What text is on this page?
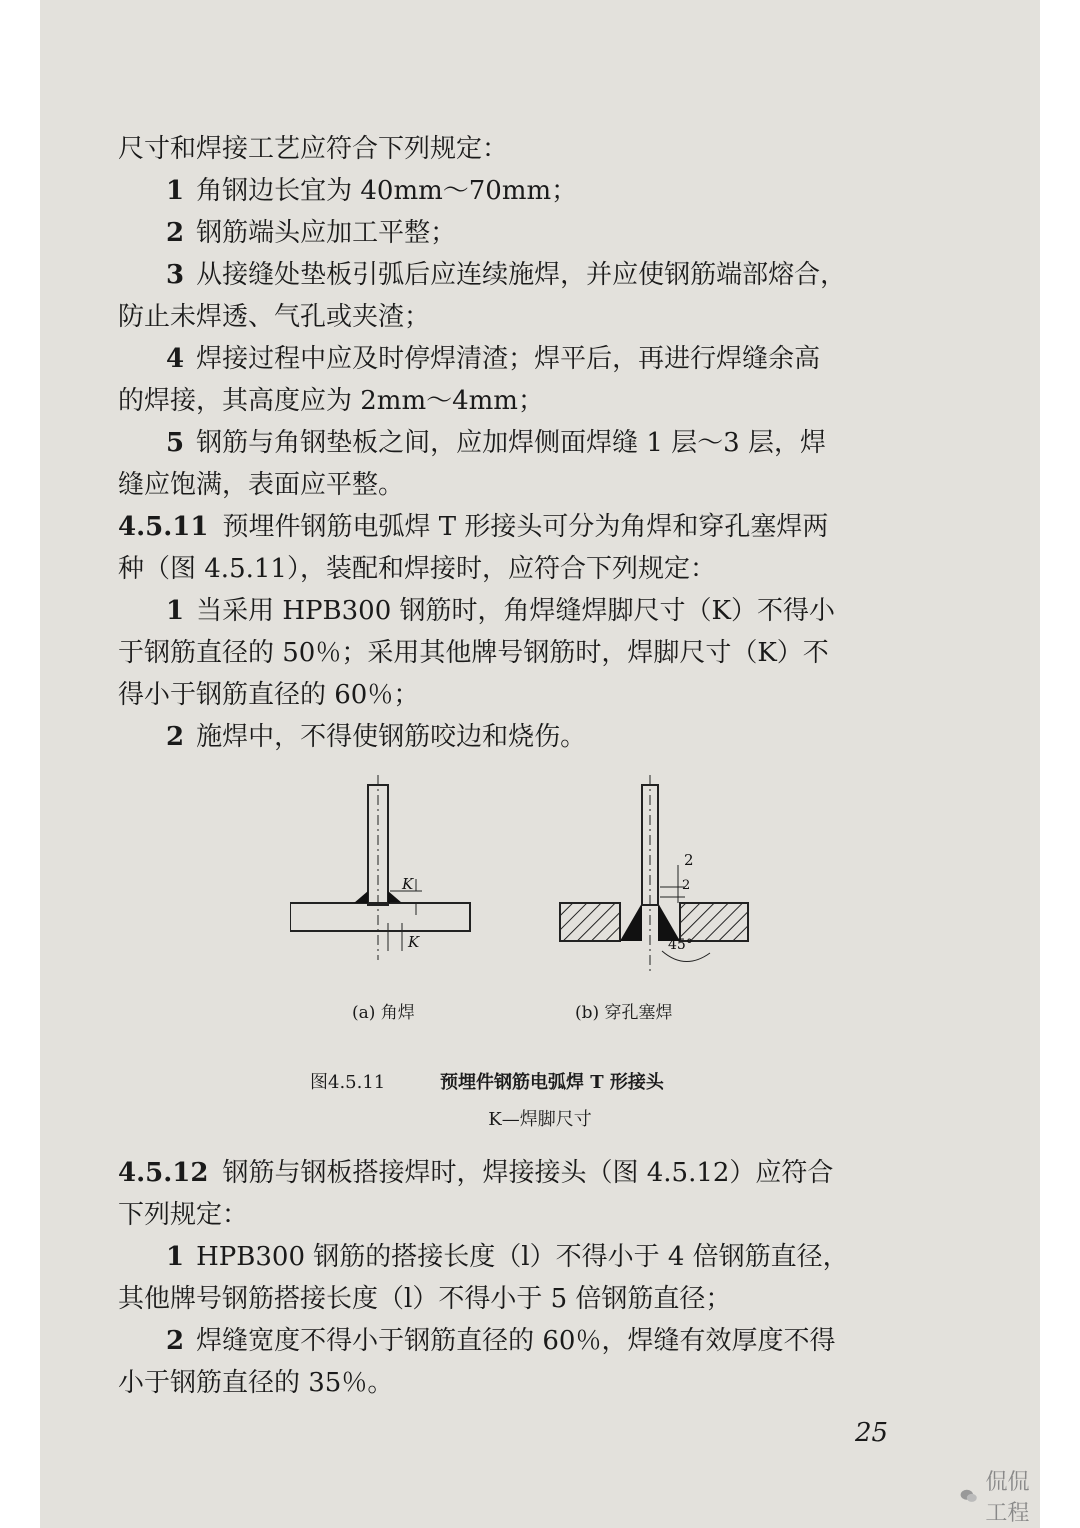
尺寸和焊接工艺应符合下列规定：
1 角钢边长宜为 40mm～70mm；
2 钢筋端头应加工平整；
3 从接缝处垫板引弧后应连续施焊，并应使钢筋端部熔合，
防止未焊透、气孔或夹渣；
4 焊接过程中应及时停焊清渣；焊平后，再进行焊缝余高
的焊接，其高度应为 2mm～4mm；
5 钢筋与角钢垫板之间，应加焊侧面焊缝 1 层～3 层，焊
缝应饱满，表面应平整。
4.5.11 预埋件钢筋电弧焊 T 形接头可分为角焊和穿孔塞焊两
种（图 4.5.11），装配和焊接时，应符合下列规定：
1 当采用 HPB300 钢筋时，角焊缝焊脚尺寸（K）不得小
于钢筋直径的 50％；采用其他牌号钢筋时，焊脚尺寸（K）不
得小于钢筋直径的 60％；
2 施焊中，不得使钢筋咬边和烧伤。
K
K
2
2
45°
(a) 角焊	(b) 穿孔塞焊
图4.5.11	预埋件钢筋电弧焊 T 形接头
K—焊脚尺寸
4.5.12 钢筋与钢板搭接焊时，焊接接头（图 4.5.12）应符合
下列规定：
1 HPB300 钢筋的搭接长度（l）不得小于 4 倍钢筋直径，
其他牌号钢筋搭接长度（l）不得小于 5 倍钢筋直径；
2 焊缝宽度不得小于钢筋直径的 60％，焊缝有效厚度不得
小于钢筋直径的 35％。
25
侃侃工程
